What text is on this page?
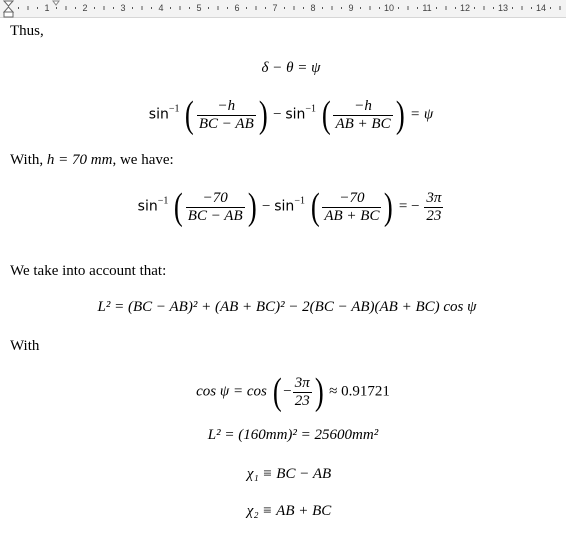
1	2	3	4	5	6	7	8	9	10	11	12	13	14
Thus,
δ − θ = ψ
$\sin^{-1}$ ( $\frac{-h}{BC - AB}$ ) − $\sin^{-1}$ ( $\frac{-h}{AB + BC}$ ) = ψ
With, h = 70 mm, we have:
$\sin^{-1}$ ( $\frac{-70}{BC - AB}$ ) − $\sin^{-1}$ ( $\frac{-70}{AB + BC}$ ) = − $\frac{3\pi}{23}$
We take into account that:
L² = (BC − AB)² + (AB + BC)² − 2(BC − AB)(AB + BC) cos ψ
With
cos ψ = cos ( − $\frac{3\pi}{23}$ ) ≈ 0.91721
L² = (160mm)² = 25600mm²
χ₁ ≡ BC − AB
χ₂ ≡ AB + BC
